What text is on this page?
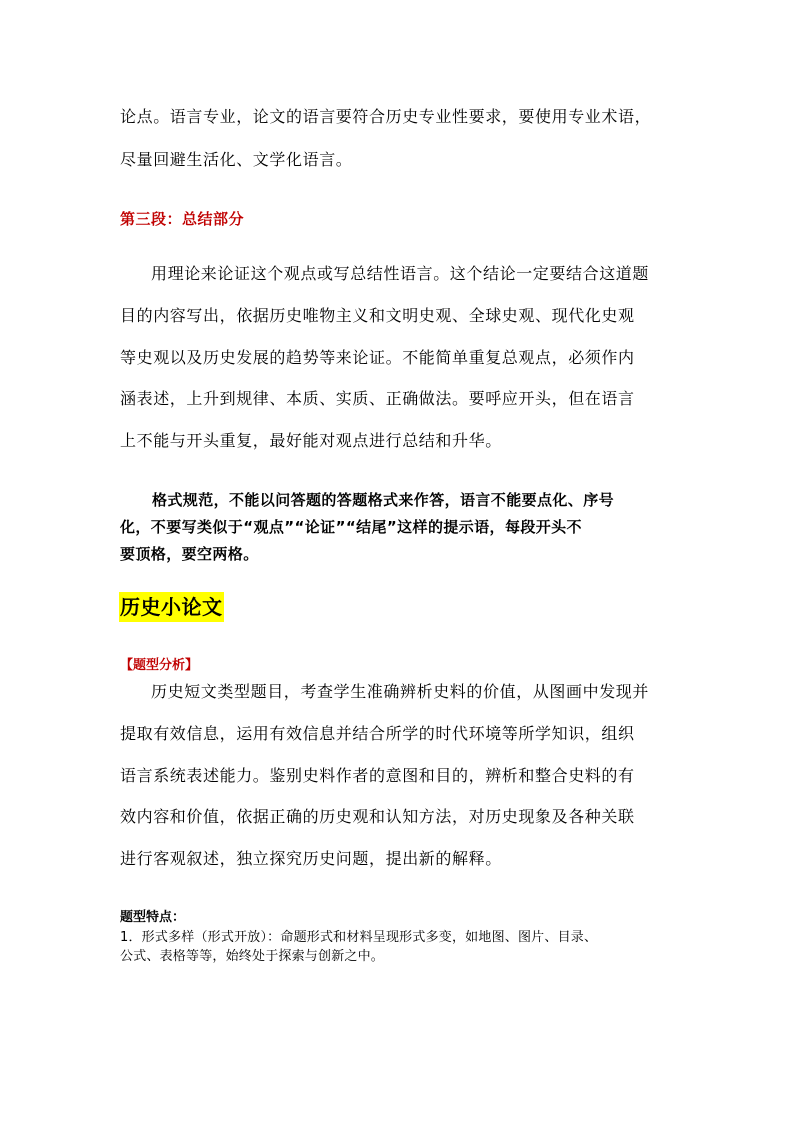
论点。语言专业，论文的语言要符合历史专业性要求，要使用专业术语，
尽量回避生活化、文学化语言。
第三段：总结部分
用理论来论证这个观点或写总结性语言。这个结论一定要结合这道题
目的内容写出，依据历史唯物主义和文明史观、全球史观、现代化史观
等史观以及历史发展的趋势等来论证。不能简单重复总观点，必须作内
涵表述，上升到规律、本质、实质、正确做法。要呼应开头，但在语言
上不能与开头重复，最好能对观点进行总结和升华。
格式规范，不能以问答题的答题格式来作答，语言不能要点化、序号
化，不要写类似于“观点”“论证”“结尾”这样的提示语，每段开头不
要顶格，要空两格。
历史小论文
【题型分析】
历史短文类型题目，考查学生准确辨析史料的价值，从图画中发现并
提取有效信息，运用有效信息并结合所学的时代环境等所学知识，组织
语言系统表述能力。鉴别史料作者的意图和目的，辨析和整合史料的有
效内容和价值，依据正确的历史观和认知方法，对历史现象及各种关联
进行客观叙述，独立探究历史问题，提出新的解释。
题型特点：
1．形式多样（形式开放）：命题形式和材料呈现形式多变，如地图、图片、目录、
公式、表格等等，始终处于探索与创新之中。
